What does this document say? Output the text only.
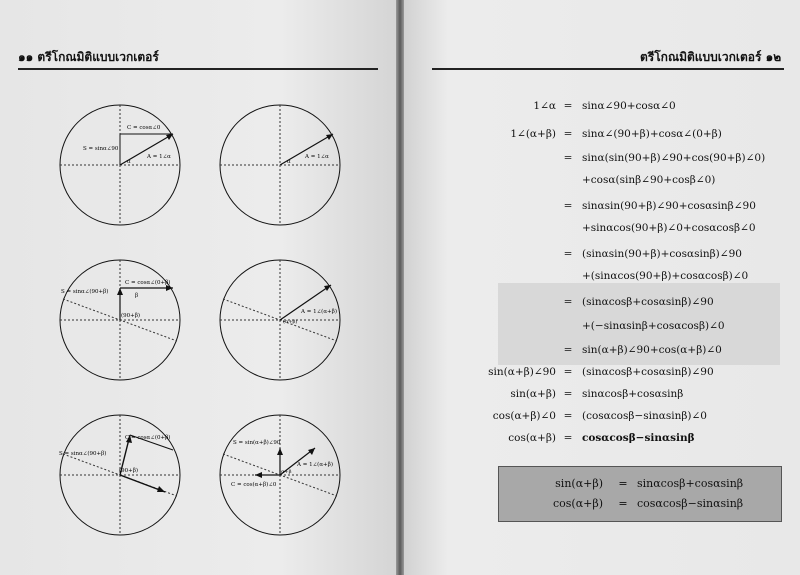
๑๑ ตรีโกณมิติแบบเวกเตอร์
C = cosα∠0
S = sinα∠90
A = 1∠α
α
A = 1∠α
α
S = sinα∠(90+β)
C = cosα∠(0+β)
β
(90+β)
A = 1∠(α+β)
(α+β)
C = cosα∠(0+β)
S = sinα∠(90+β)
(90+β)
S = sin(α+β)∠90
A = 1∠(α+β)
C = cos(α+β)∠0
α+β
ตรีโกณมิติแบบเวกเตอร์ ๑๒
1∠α = sinα∠90+cosα∠0
1∠(α+β) = sinα∠(90+β)+cosα∠(0+β)
= sinα(sin(90+β)∠90+cos(90+β)∠0)
+cosα(sinβ∠90+cosβ∠0)
= sinαsin(90+β)∠90+cosαsinβ∠90
+sinαcos(90+β)∠0+cosαcosβ∠0
= (sinαsin(90+β)+cosαsinβ)∠90
+(sinαcos(90+β)+cosαcosβ)∠0
= (sinαcosβ+cosαsinβ)∠90
+(−sinαsinβ+cosαcosβ)∠0
= sin(α+β)∠90+cos(α+β)∠0
sin(α+β)∠90 = (sinαcosβ+cosαsinβ)∠90
sin(α+β) = sinαcosβ+cosαsinβ
cos(α+β)∠0 = (cosαcosβ−sinαsinβ)∠0
cos(α+β) = cosαcosβ−sinαsinβ
sin(α+β) = sinαcosβ+cosαsinβ
cos(α+β) = cosαcosβ−sinαsinβ
